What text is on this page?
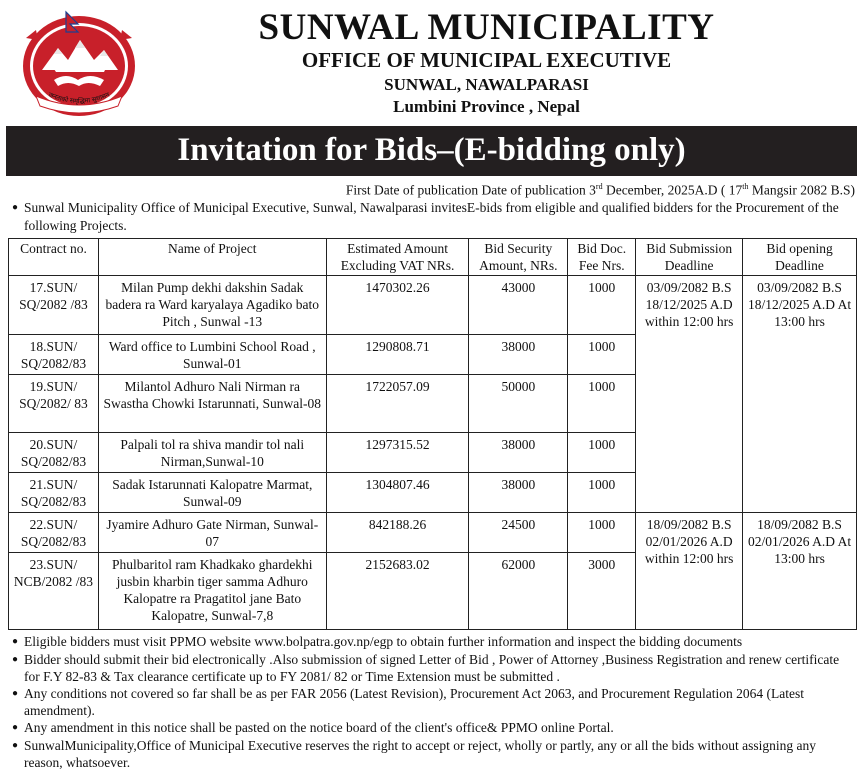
जनताको समृद्धिमा सुशासन
SUNWAL MUNICIPALITY
OFFICE OF MUNICIPAL EXECUTIVE
SUNWAL, NAWALPARASI
Lumbini Province , Nepal
Invitation for Bids–(E-bidding only)
First Date of publication Date of publication 3rd December, 2025A.D ( 17th Mangsir 2082 B.S)
● Sunwal Municipality Office of Municipal Executive, Sunwal, Nawalparasi invitesE-bids from eligible and qualified bidders for the Procurement of the following Projects.
Contract no.	Name of Project	Estimated Amount Excluding VAT NRs.	Bid Security Amount, NRs.	Bid Doc. Fee Nrs.	Bid Submission Deadline	Bid opening Deadline
17.SUN/ SQ/2082 /83	Milan Pump dekhi dakshin Sadak badera ra Ward karyalaya Agadiko bato Pitch , Sunwal -13	1470302.26	43000	1000	03/09/2082 B.S 18/12/2025 A.D within 12:00 hrs	03/09/2082 B.S 18/12/2025 A.D At 13:00 hrs
18.SUN/ SQ/2082/83	Ward office to Lumbini School Road , Sunwal-01	1290808.71	38000	1000		
19.SUN/ SQ/2082/ 83	Milantol Adhuro Nali Nirman ra Swastha Chowki Istarunnati, Sunwal-08	1722057.09	50000	1000		
20.SUN/ SQ/2082/83	Palpali tol ra shiva mandir tol nali Nirman,Sunwal-10	1297315.52	38000	1000		
21.SUN/ SQ/2082/83	Sadak Istarunnati Kalopatre Marmat, Sunwal-09	1304807.46	38000	1000		
22.SUN/ SQ/2082/83	Jyamire Adhuro Gate Nirman, Sunwal-07	842188.26	24500	1000	18/09/2082 B.S 02/01/2026 A.D within 12:00 hrs	18/09/2082 B.S 02/01/2026 A.D At 13:00 hrs
23.SUN/ NCB/2082 /83	Phulbaritol ram Khadkako ghardekhi jusbin kharbin tiger samma Adhuro Kalopatre ra Pragatitol jane Bato Kalopatre, Sunwal-7,8	2152683.02	62000	3000		
● Eligible bidders must visit PPMO website www.bolpatra.gov.np/egp to obtain further information and inspect the bidding documents
● Bidder should submit their bid electronically .Also submission of signed Letter of Bid , Power of Attorney ,Business Registration and renew certificate for F.Y 82-83 & Tax clearance certificate up to FY 2081/ 82 or Time Extension must be submitted .
● Any conditions not covered so far shall be as per FAR 2056 (Latest Revision), Procurement Act 2063, and Procurement Regulation 2064 (Latest amendment).
● Any amendment in this notice shall be pasted on the notice board of the client's office& PPMO online Portal.
● SunwalMunicipality,Office of Municipal Executive reserves the right to accept or reject, wholly or partly, any or all the bids without assigning any reason, whatsoever.
